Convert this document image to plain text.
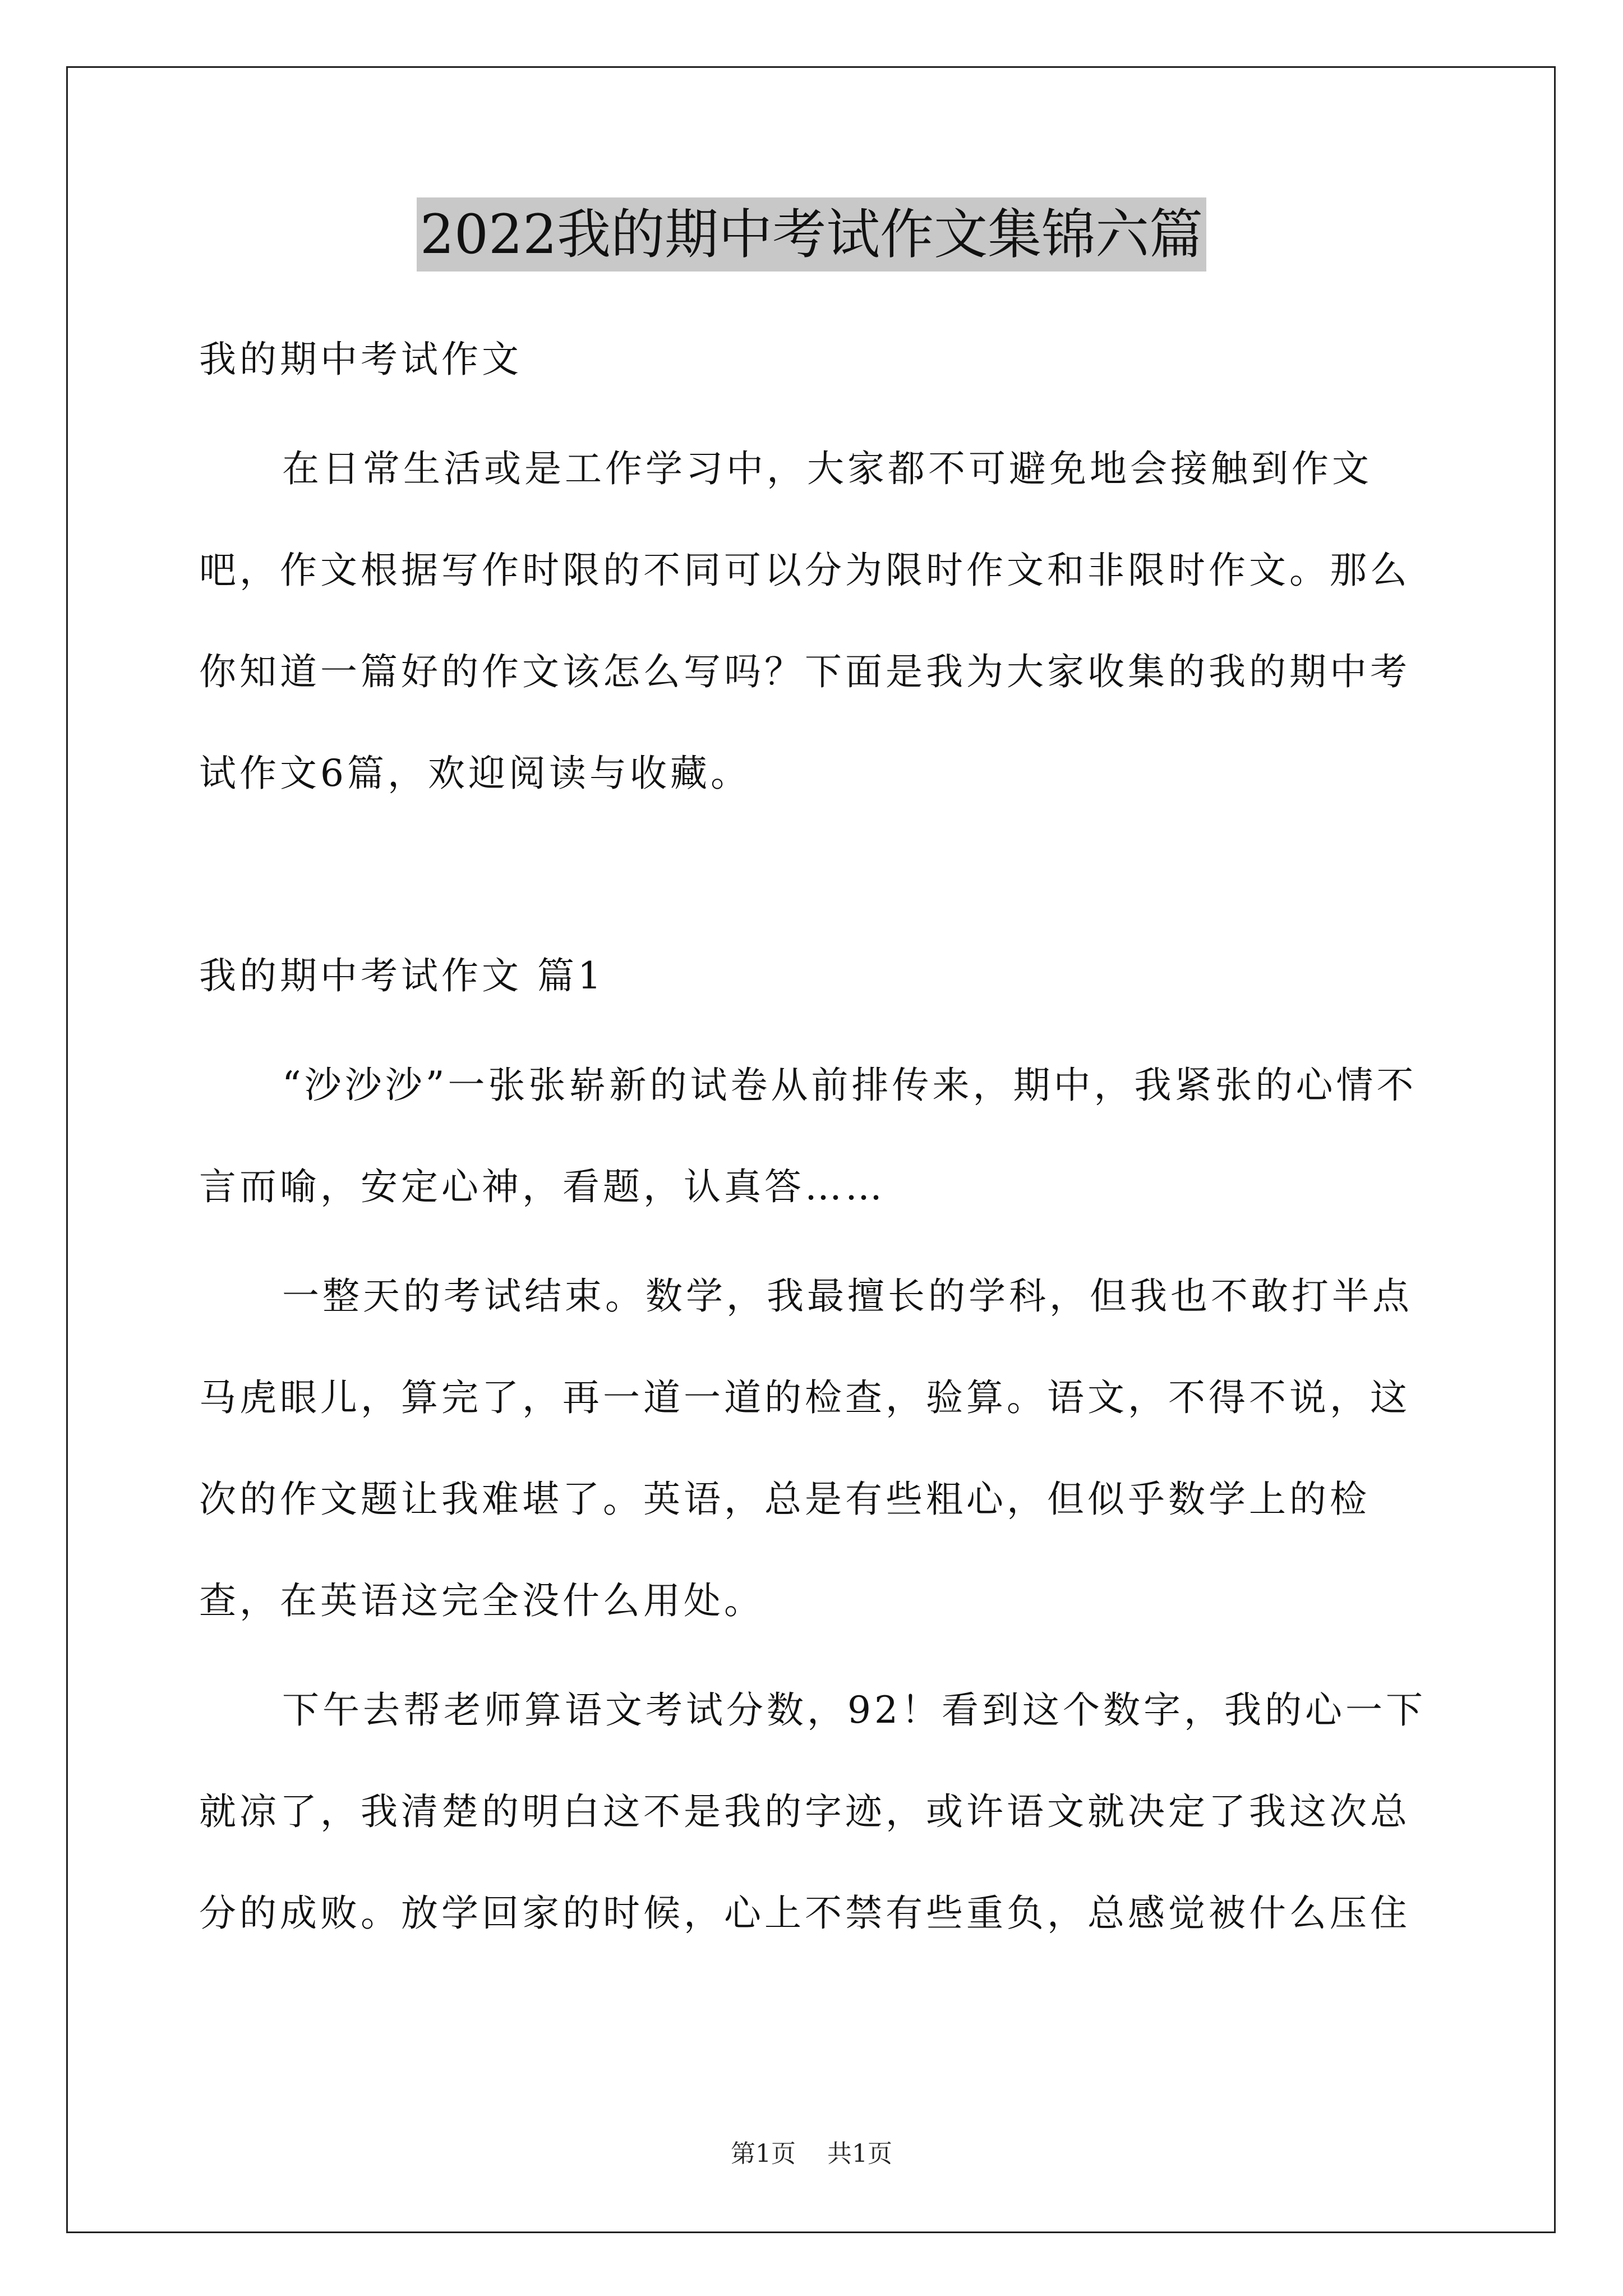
2022我的期中考试作文集锦六篇

我的期中考试作文

在日常生活或是工作学习中，大家都不可避免地会接触到作文吧，作文根据写作时限的不同可以分为限时作文和非限时作文。那么你知道一篇好的作文该怎么写吗？下面是我为大家收集的我的期中考试作文6篇，欢迎阅读与收藏。

我的期中考试作文 篇1

“沙沙沙”一张张崭新的试卷从前排传来，期中，我紧张的心情不言而喻，安定心神，看题，认真答……

一整天的考试结束。数学，我最擅长的学科，但我也不敢打半点马虎眼儿，算完了，再一道一道的检查，验算。语文，不得不说，这次的作文题让我难堪了。英语，总是有些粗心，但似乎数学上的检查，在英语这完全没什么用处。

下午去帮老师算语文考试分数，92！看到这个数字，我的心一下就凉了，我清楚的明白这不是我的字迹，或许语文就决定了我这次总分的成败。放学回家的时候，心上不禁有些重负，总感觉被什么压住

第1页 共1页
